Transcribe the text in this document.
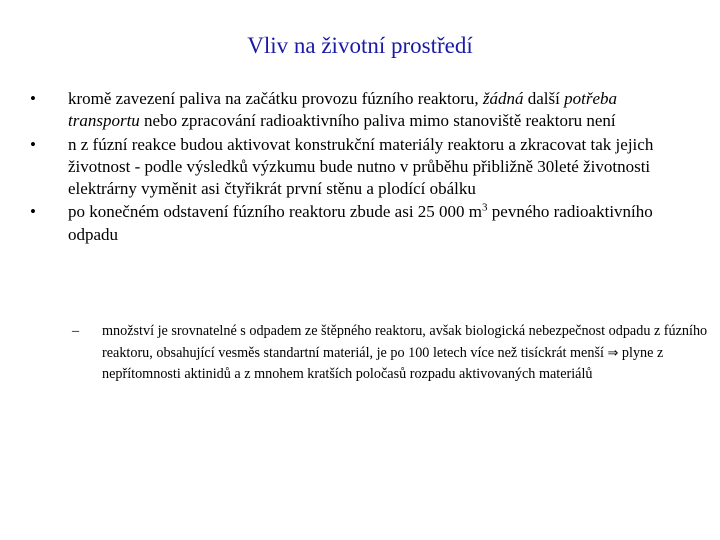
Vliv na životní prostředí
•	kromě zavezení paliva na začátku provozu fúzního reaktoru, žádná další potřeba transportu nebo zpracování radioaktivního paliva mimo stanoviště reaktoru není
•	n z fúzní reakce budou aktivovat konstrukční materiály reaktoru a zkracovat tak jejich životnost - podle výsledků výzkumu bude nutno v průběhu přibližně 30leté životnosti elektrárny vyměnit asi čtyřikrát první stěnu a plodící obálku
•	po konečném odstavení fúzního reaktoru zbude asi 25 000 $m^3$ pevného radioaktivního odpadu
– množství je srovnatelné s odpadem ze štěpného reaktoru, avšak biologická nebezpečnost odpadu z fúzního reaktoru, obsahující vesměs standartní materiál, je po 100 letech více než tisíckrát menší ⇒ plyne z nepřítomnosti aktinidů a z mnohem kratších poločasů rozpadu aktivovaných materiálů
